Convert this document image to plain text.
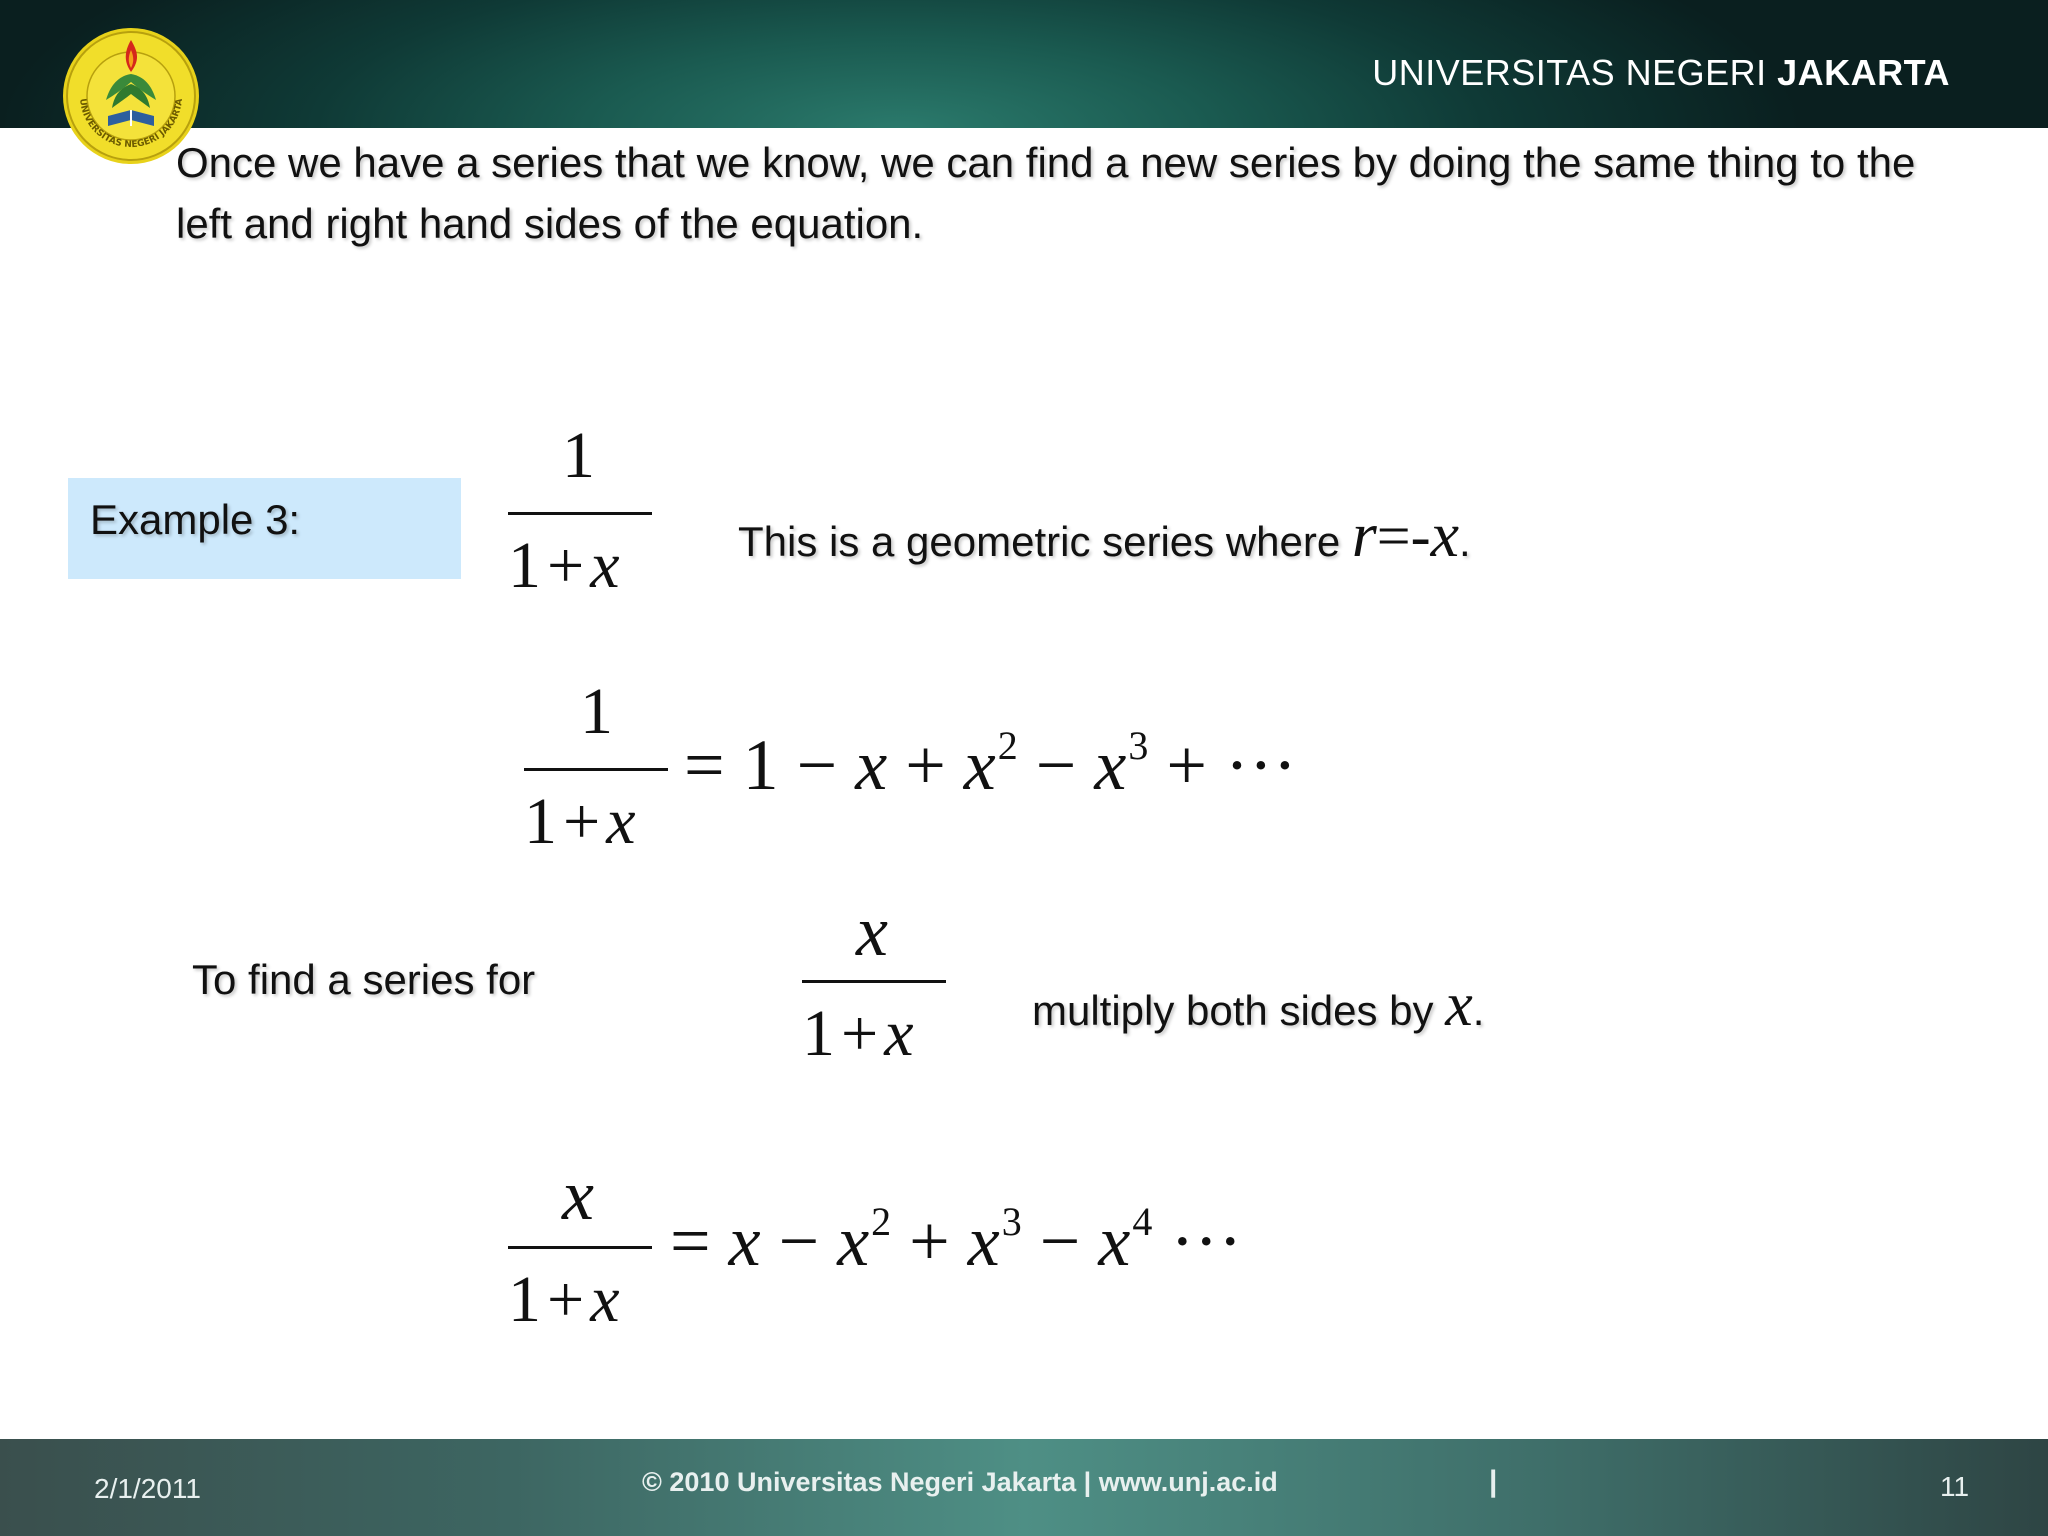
UNIVERSITAS NEGERI JAKARTA
UNIVERSITAS NEGERI JAKARTA
Once we have a series that we know, we can find a new series by doing the same thing to the left and right hand sides of the equation.
Example 3:
1
1+x	This is a geometric series where r=-x.
1
1+x
= $1 - x + x^2 - x^3$ + ···
To find a series for
x
1+x	multiply both sides by x.
x
1+x
= $x - x^2 + x^3 - x^4$ ···
2/1/2011	© 2010 Universitas Negeri Jakarta | www.unj.ac.id	|	11
